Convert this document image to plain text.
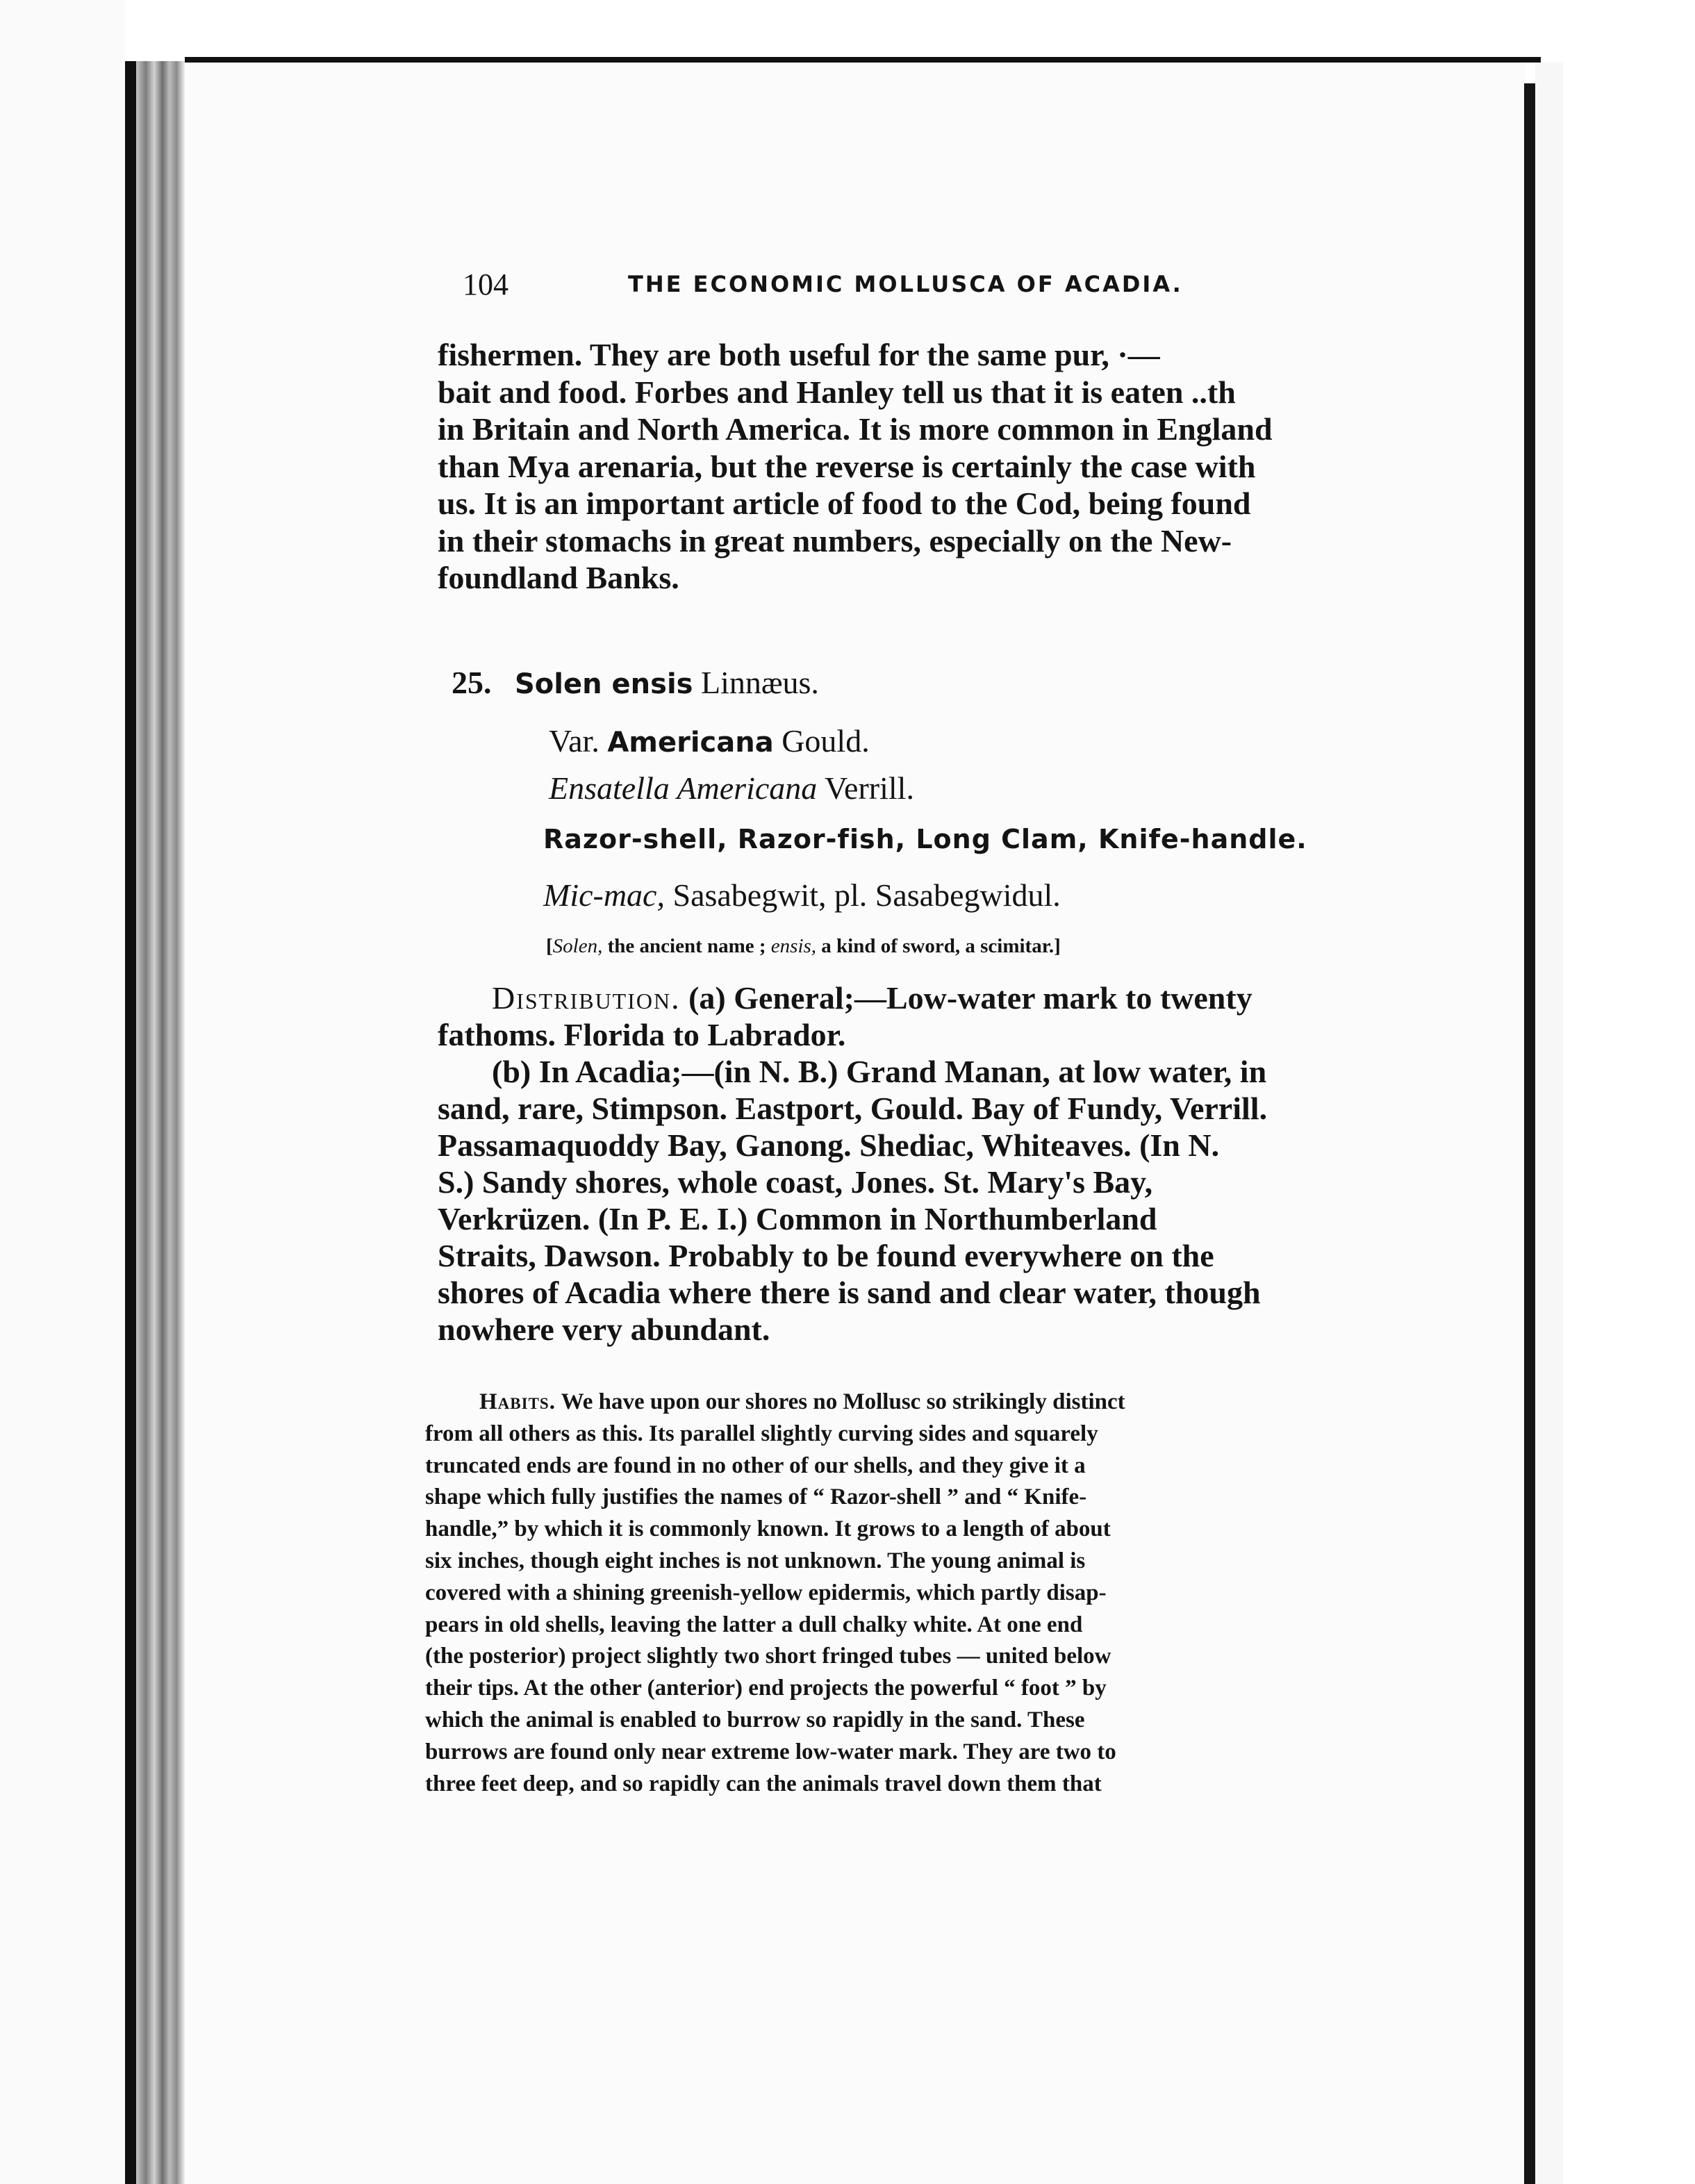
104	THE ECONOMIC MOLLUSCA OF ACADIA.
fishermen. They are both useful for the same pur, ·—
bait and food. Forbes and Hanley tell us that it is eaten ..th
in Britain and North America. It is more common in England
than Mya arenaria, but the reverse is certainly the case with
us. It is an important article of food to the Cod, being found
in their stomachs in great numbers, especially on the New-
foundland Banks.
25. Solen ensis Linnæus.
Var. Americana Gould.
Ensatella Americana Verrill.
Razor-shell, Razor-fish, Long Clam, Knife-handle.
Mic-mac, Sasabegwit, pl. Sasabegwidul.
[Solen, the ancient name ; ensis, a kind of sword, a scimitar.]
Distribution. (a) General;—Low-water mark to twenty
fathoms. Florida to Labrador.
(b) In Acadia;—(in N. B.) Grand Manan, at low water, in
sand, rare, Stimpson. Eastport, Gould. Bay of Fundy, Verrill.
Passamaquoddy Bay, Ganong. Shediac, Whiteaves. (In N.
S.) Sandy shores, whole coast, Jones. St. Mary's Bay,
Verkrüzen. (In P. E. I.) Common in Northumberland
Straits, Dawson. Probably to be found everywhere on the
shores of Acadia where there is sand and clear water, though
nowhere very abundant.
Habits. We have upon our shores no Mollusc so strikingly distinct
from all others as this. Its parallel slightly curving sides and squarely
truncated ends are found in no other of our shells, and they give it a
shape which fully justifies the names of “ Razor-shell ” and “ Knife-
handle,” by which it is commonly known. It grows to a length of about
six inches, though eight inches is not unknown. The young animal is
covered with a shining greenish-yellow epidermis, which partly disap-
pears in old shells, leaving the latter a dull chalky white. At one end
(the posterior) project slightly two short fringed tubes — united below
their tips. At the other (anterior) end projects the powerful “ foot ” by
which the animal is enabled to burrow so rapidly in the sand. These
burrows are found only near extreme low-water mark. They are two to
three feet deep, and so rapidly can the animals travel down them that
